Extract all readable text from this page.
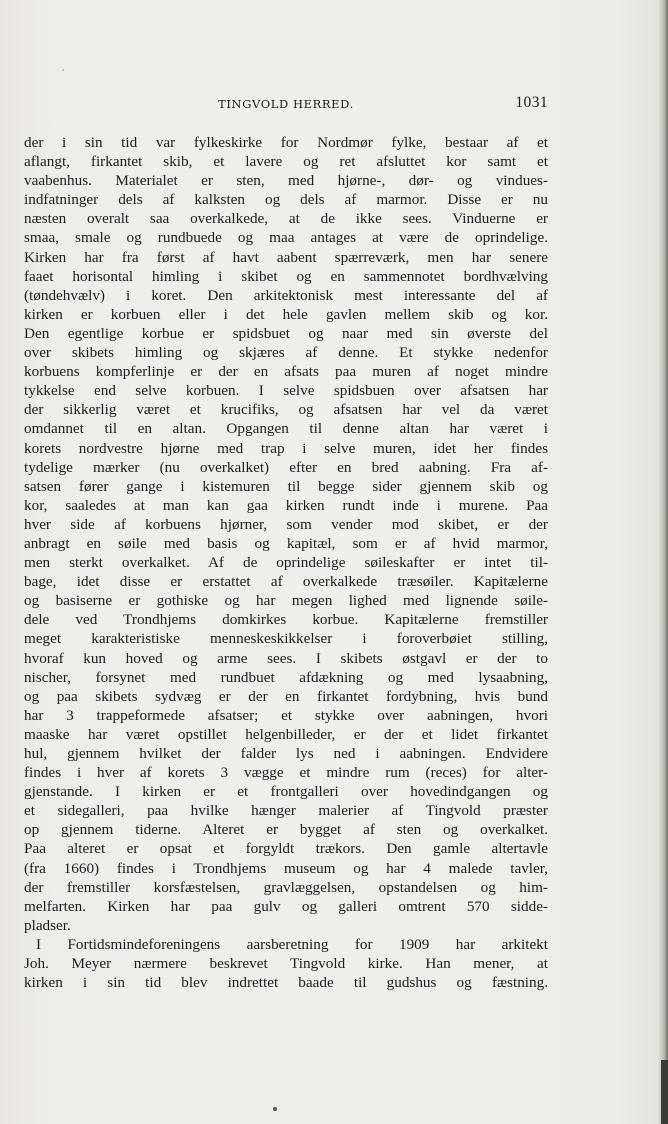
TINGVOLD HERRED.	1031
der i sin tid var fylkeskirke for Nordmør fylke, bestaar af et
aflangt, firkantet skib, et lavere og ret afsluttet kor samt et
vaabenhus. Materialet er sten, med hjørne-, dør- og vindues-
indfatninger dels af kalksten og dels af marmor. Disse er nu
næsten overalt saa overkalkede, at de ikke sees. Vinduerne er
smaa, smale og rundbuede og maa antages at være de oprindelige.
Kirken har fra først af havt aabent spærreværk, men har senere
faaet horisontal himling i skibet og en sammennotet bordhvælving
(tøndehvælv) i koret. Den arkitektonisk mest interessante del af
kirken er korbuen eller i det hele gavlen mellem skib og kor.
Den egentlige korbue er spidsbuet og naar med sin øverste del
over skibets himling og skjæres af denne. Et stykke nedenfor
korbuens kompferlinje er der en afsats paa muren af noget mindre
tykkelse end selve korbuen. I selve spidsbuen over afsatsen har
der sikkerlig været et krucifiks, og afsatsen har vel da været
omdannet til en altan. Opgangen til denne altan har været i
korets nordvestre hjørne med trap i selve muren, idet her findes
tydelige mærker (nu overkalket) efter en bred aabning. Fra af-
satsen fører gange i kistemuren til begge sider gjennem skib og
kor, saaledes at man kan gaa kirken rundt inde i murene. Paa
hver side af korbuens hjørner, som vender mod skibet, er der
anbragt en søile med basis og kapitæl, som er af hvid marmor,
men sterkt overkalket. Af de oprindelige søileskafter er intet til-
bage, idet disse er erstattet af overkalkede træsøiler. Kapitælerne
og basiserne er gothiske og har megen lighed med lignende søile-
dele ved Trondhjems domkirkes korbue. Kapitælerne fremstiller
meget karakteristiske menneskeskikkelser i foroverbøiet stilling,
hvoraf kun hoved og arme sees. I skibets østgavl er der to
nischer, forsynet med rundbuet afdækning og med lysaabning,
og paa skibets sydvæg er der en firkantet fordybning, hvis bund
har 3 trappeformede afsatser; et stykke over aabningen, hvori
maaske har været opstillet helgenbilleder, er der et lidet firkantet
hul, gjennem hvilket der falder lys ned i aabningen. Endvidere
findes i hver af korets 3 vægge et mindre rum (reces) for alter-
gjenstande. I kirken er et frontgalleri over hovedindgangen og
et sidegalleri, paa hvilke hænger malerier af Tingvold præster
op gjennem tiderne. Alteret er bygget af sten og overkalket.
Paa alteret er opsat et forgyldt trækors. Den gamle altertavle
(fra 1660) findes i Trondhjems museum og har 4 malede tavler,
der fremstiller korsfæstelsen, gravlæggelsen, opstandelsen og him-
melfarten. Kirken har paa gulv og galleri omtrent 570 sidde-
pladser.
I Fortidsmindeforeningens aarsberetning for 1909 har arkitekt
Joh. Meyer nærmere beskrevet Tingvold kirke. Han mener, at
kirken i sin tid blev indrettet baade til gudshus og fæstning.
